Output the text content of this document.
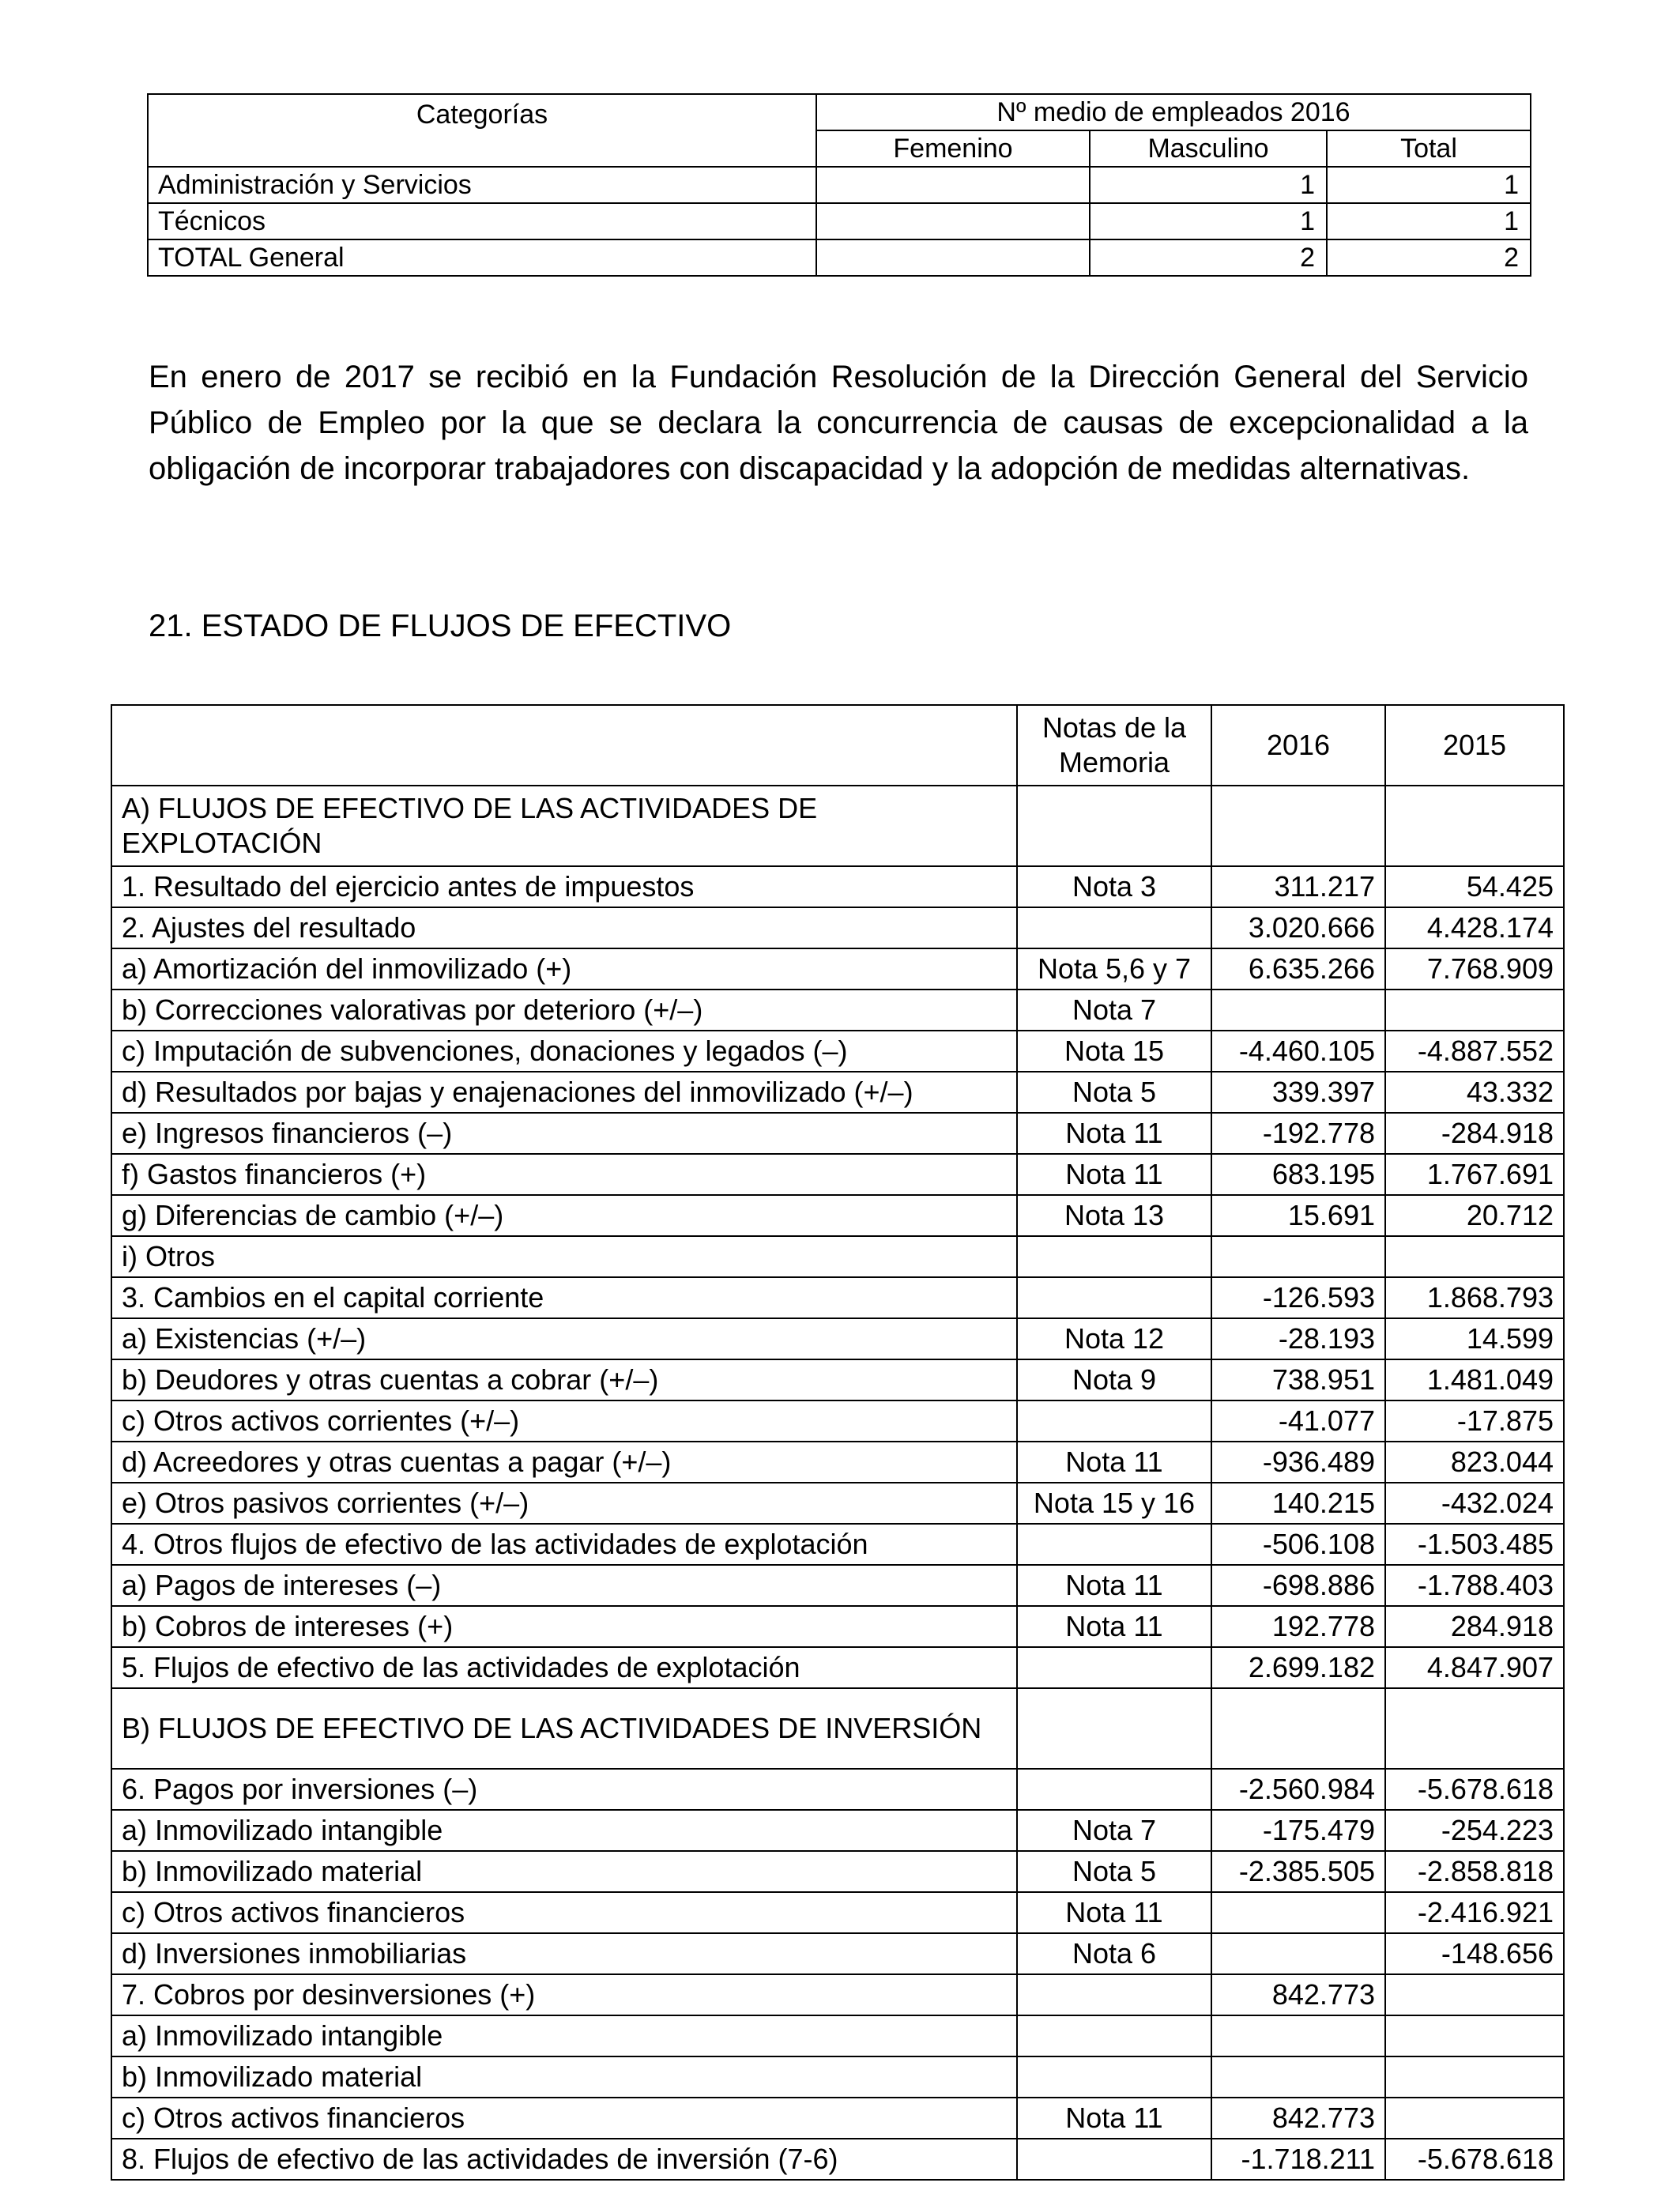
Categorías	Nº medio de empleados 2016		
	Femenino	Masculino	Total
Administración y Servicios		1	1
Técnicos		1	1
TOTAL General		2	2

En enero de 2017 se recibió en la Fundación Resolución de la Dirección General del Servicio Público de Empleo por la que se declara la concurrencia de causas de excepcionalidad a la obligación de incorporar trabajadores con discapacidad y la adopción de medidas alternativas.

21. ESTADO DE FLUJOS DE EFECTIVO
	Notas de la Memoria	2016	2015
A) FLUJOS DE EFECTIVO DE LAS ACTIVIDADES DE EXPLOTACIÓN			
1. Resultado del ejercicio antes de impuestos	Nota 3	311.217	54.425
2. Ajustes del resultado		3.020.666	4.428.174
a) Amortización del inmovilizado (+)	Nota 5,6 y 7	6.635.266	7.768.909
b) Correcciones valorativas por deterioro (+/–)	Nota 7		
c) Imputación de subvenciones, donaciones y legados (–)	Nota 15	-4.460.105	-4.887.552
d) Resultados por bajas y enajenaciones del inmovilizado (+/–)	Nota 5	339.397	43.332
e) Ingresos financieros (–)	Nota 11	-192.778	-284.918
f) Gastos financieros (+)	Nota 11	683.195	1.767.691
g) Diferencias de cambio (+/–)	Nota 13	15.691	20.712
i) Otros			
3. Cambios en el capital corriente		-126.593	1.868.793
a) Existencias (+/–)	Nota 12	-28.193	14.599
b) Deudores y otras cuentas a cobrar (+/–)	Nota 9	738.951	1.481.049
c) Otros activos corrientes (+/–)		-41.077	-17.875
d) Acreedores y otras cuentas a pagar (+/–)	Nota 11	-936.489	823.044
e) Otros pasivos corrientes (+/–)	Nota 15 y 16	140.215	-432.024
4. Otros flujos de efectivo de las actividades de explotación		-506.108	-1.503.485
a) Pagos de intereses (–)	Nota 11	-698.886	-1.788.403
b) Cobros de intereses (+)	Nota 11	192.778	284.918
5. Flujos de efectivo de las actividades de explotación		2.699.182	4.847.907
B) FLUJOS DE EFECTIVO DE LAS ACTIVIDADES DE INVERSIÓN			
6. Pagos por inversiones (–)		-2.560.984	-5.678.618
a) Inmovilizado intangible	Nota 7	-175.479	-254.223
b) Inmovilizado material	Nota 5	-2.385.505	-2.858.818
c) Otros activos financieros	Nota 11		-2.416.921
d) Inversiones inmobiliarias	Nota 6		-148.656
7. Cobros por desinversiones (+)		842.773	
a) Inmovilizado intangible			
b) Inmovilizado material			
c) Otros activos financieros	Nota 11	842.773	
8. Flujos de efectivo de las actividades de inversión (7-6)		-1.718.211	-5.678.618
